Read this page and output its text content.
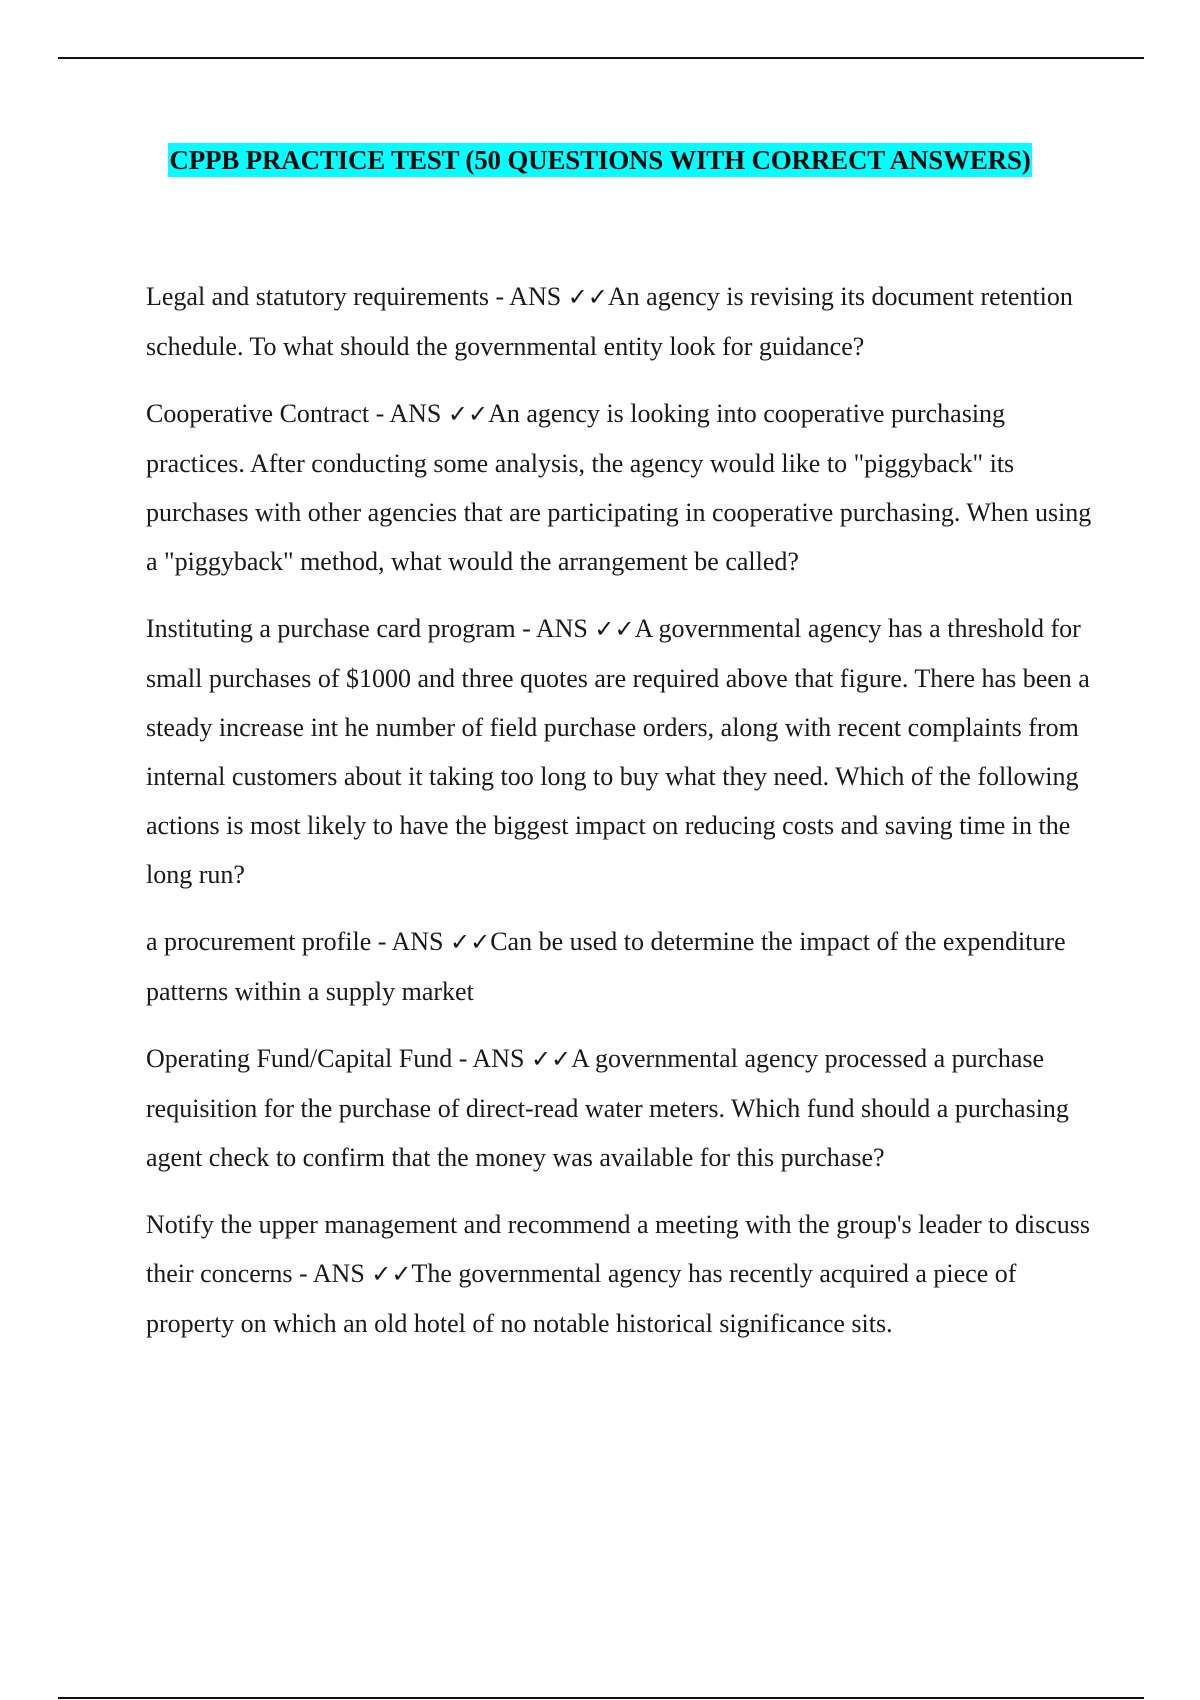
CPPB PRACTICE TEST (50 QUESTIONS WITH CORRECT ANSWERS)

Legal and statutory requirements - ANS ✓✓An agency is revising its document retention schedule. To what should the governmental entity look for guidance?

Cooperative Contract - ANS ✓✓An agency is looking into cooperative purchasing practices. After conducting some analysis, the agency would like to "piggyback" its purchases with other agencies that are participating in cooperative purchasing. When using a "piggyback" method, what would the arrangement be called?

Instituting a purchase card program - ANS ✓✓A governmental agency has a threshold for small purchases of $1000 and three quotes are required above that figure. There has been a steady increase int he number of field purchase orders, along with recent complaints from internal customers about it taking too long to buy what they need. Which of the following actions is most likely to have the biggest impact on reducing costs and saving time in the long run?

a procurement profile - ANS ✓✓Can be used to determine the impact of the expenditure patterns within a supply market

Operating Fund/Capital Fund - ANS ✓✓A governmental agency processed a purchase requisition for the purchase of direct-read water meters. Which fund should a purchasing agent check to confirm that the money was available for this purchase?

Notify the upper management and recommend a meeting with the group's leader to discuss their concerns - ANS ✓✓The governmental agency has recently acquired a piece of property on which an old hotel of no notable historical significance sits.
